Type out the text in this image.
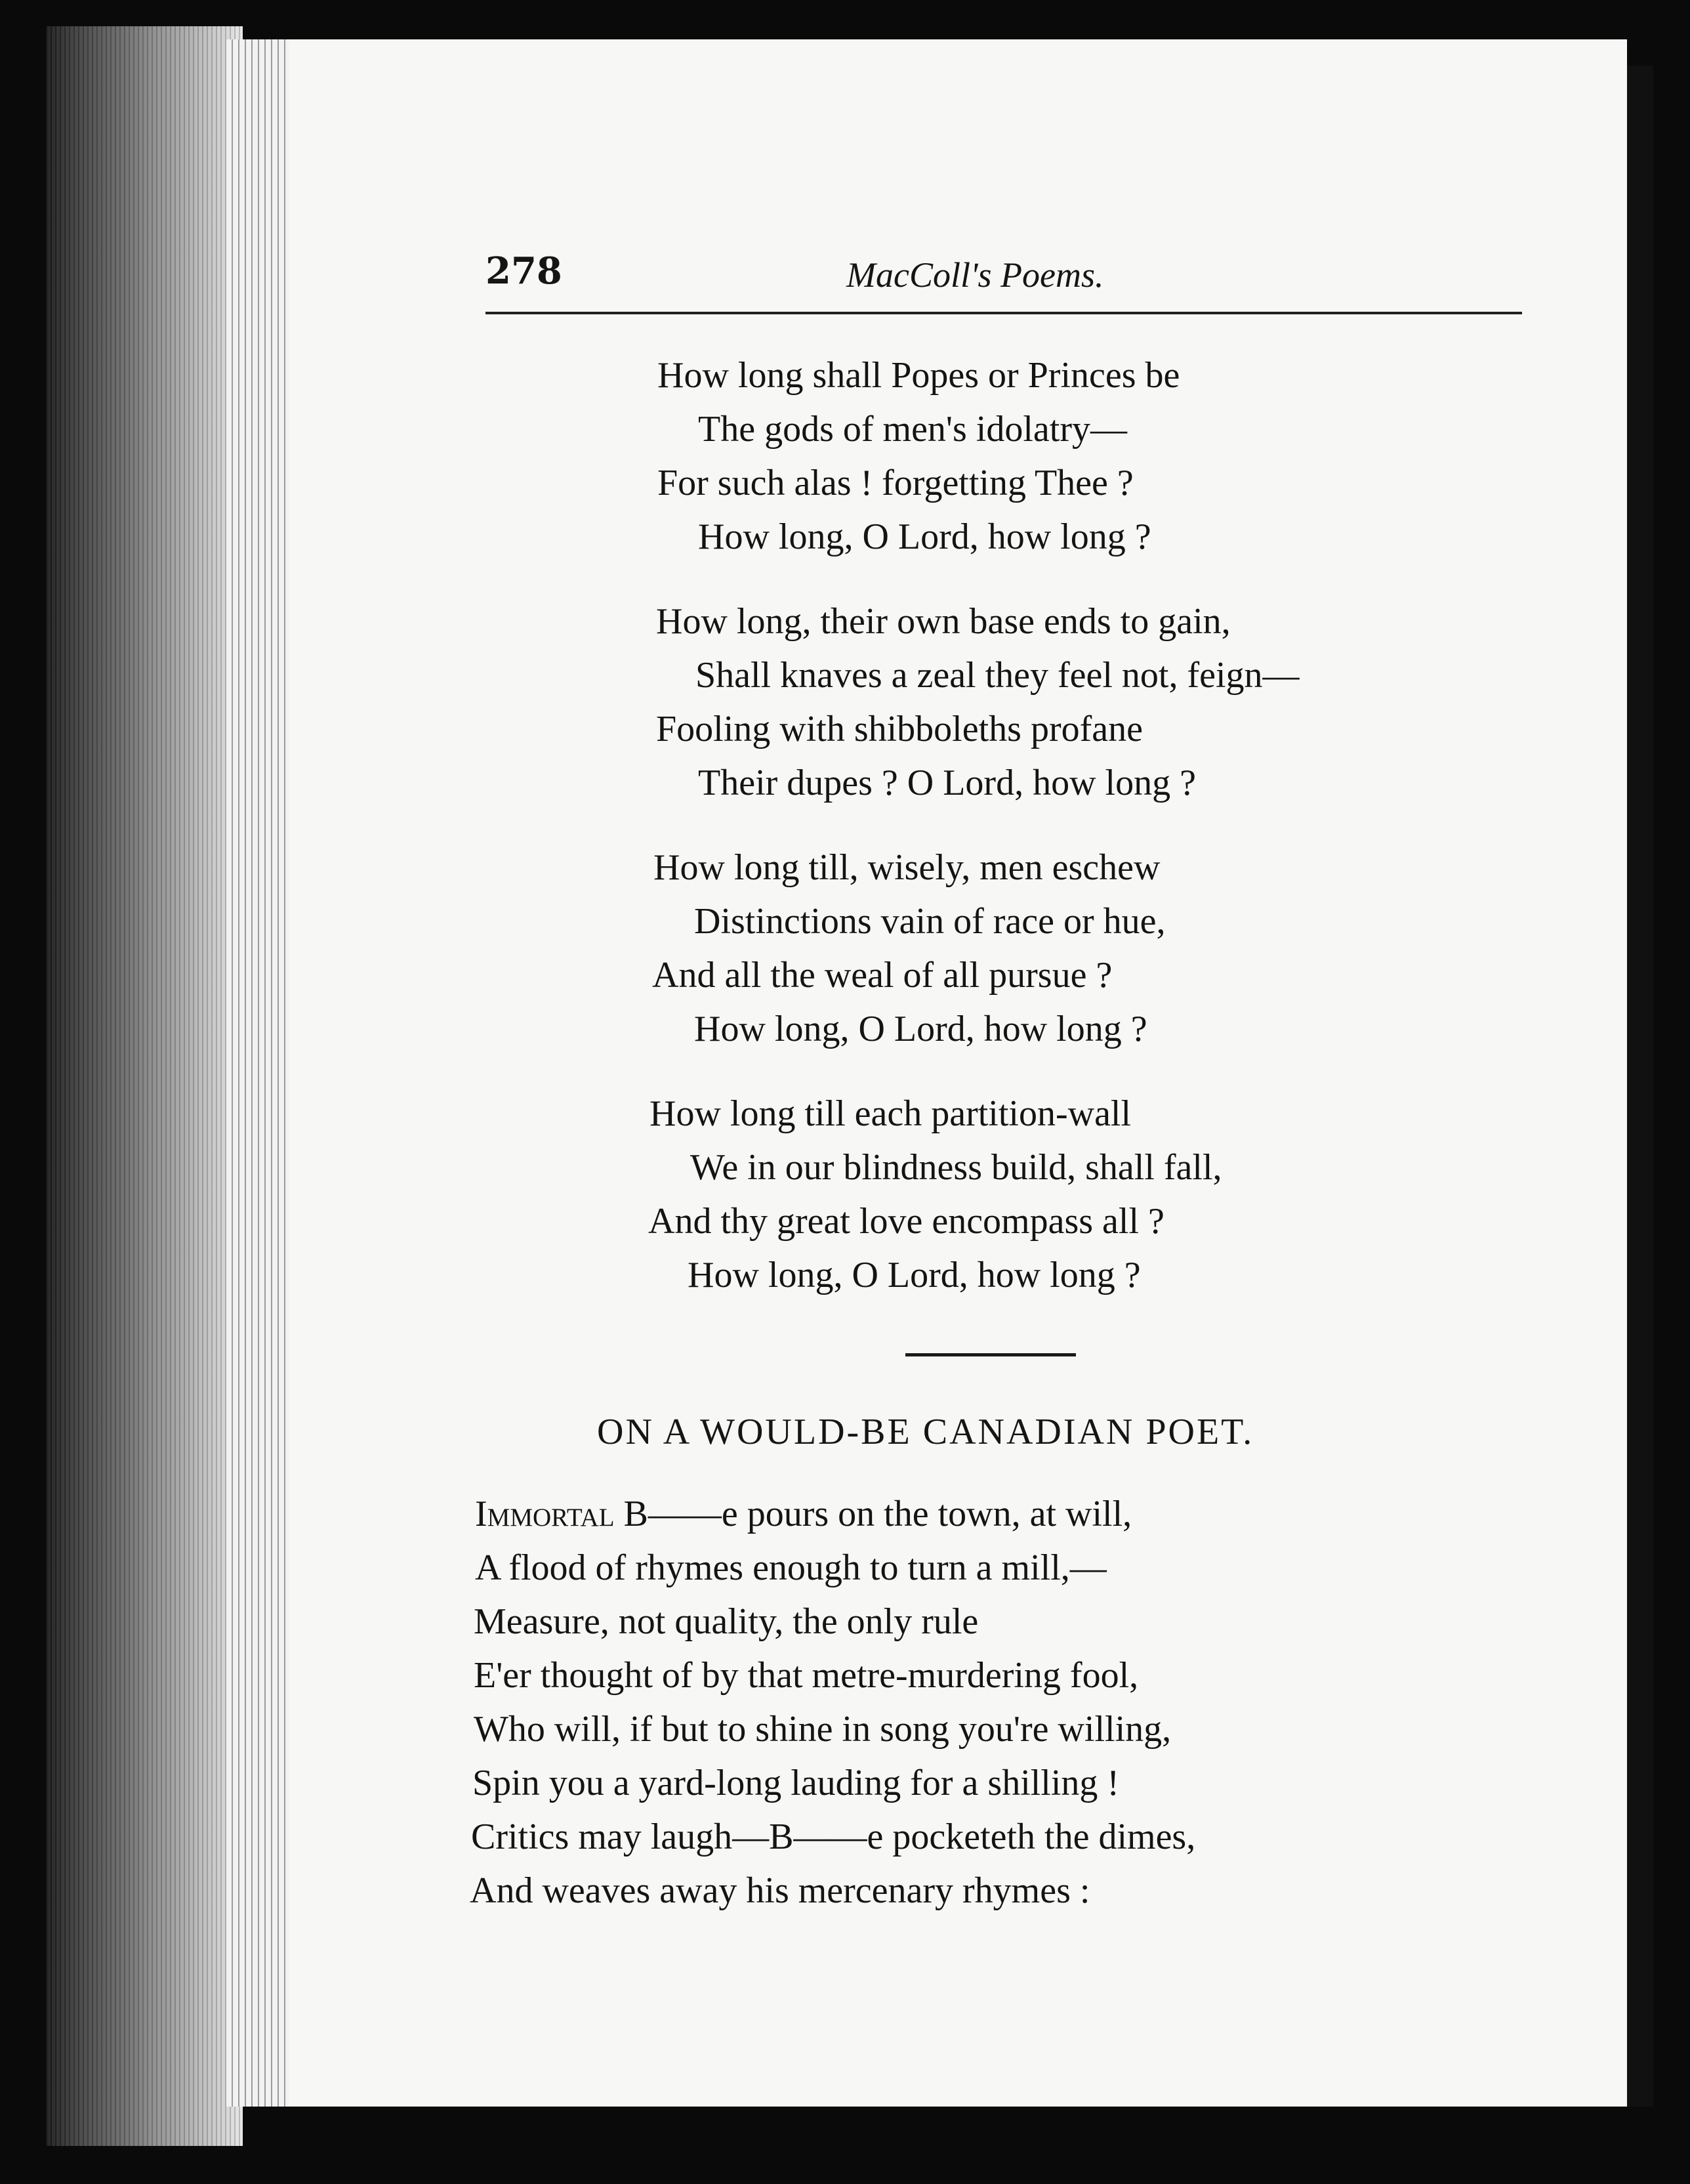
278	MacColl's Poems.
How long shall Popes or Princes be
The gods of men's idolatry—
For such alas ! forgetting Thee ?
How long, O Lord, how long ?
How long, their own base ends to gain,
Shall knaves a zeal they feel not, feign—
Fooling with shibboleths profane
Their dupes ? O Lord, how long ?
How long till, wisely, men eschew
Distinctions vain of race or hue,
And all the weal of all pursue ?
How long, O Lord, how long ?
How long till each partition-wall
We in our blindness build, shall fall,
And thy great love encompass all ?
How long, O Lord, how long ?
ON A WOULD-BE CANADIAN POET.
Immortal B——e pours on the town, at will,
A flood of rhymes enough to turn a mill,—
Measure, not quality, the only rule
E'er thought of by that metre-murdering fool,
Who will, if but to shine in song you're willing,
Spin you a yard-long lauding for a shilling !
Critics may laugh—B——e pocketeth the dimes,
And weaves away his mercenary rhymes :
